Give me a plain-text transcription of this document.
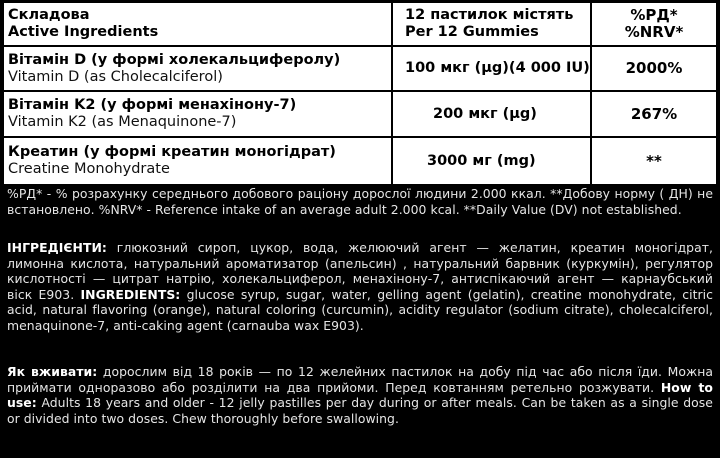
Складова
Active Ingredients
12 пастилок містять
Per 12 Gummies
%РД*
%NRV*
Вітамін D (у формі холекальциферолу)
Vitamin D (as Cholecalciferol)
100 мкг (µg)(4 000 IU) 2000%
Вітамін K2 (у формі менахінону-7)
Vitamin K2 (as Menaquinone-7)
200 мкг (µg)	267%
Креатин (у формі креатин моногідрат)
Creatine Monohydrate
3000 мг (mg)	**
%РД* - % розрахунку середнього добового раціону дорослої людини 2.000 ккал. **Добову норму ( ДН) не встановлено. %NRV* - Reference intake of an average adult 2.000 kcal. **Daily Value (DV) not established.
ІНГРЕДІЄНТИ: глюкозний сироп, цукор, вода, желюючий агент — желатин, креатин моногідрат, лимонна кислота, натуральний ароматизатор (апельсин) , натуральний барвник (куркумін), регулятор кислотності — цитрат натрію, холекальциферол, менахінону-7, антиспікаючий агент — карнаубський віск Е903. INGREDIENTS: glucose syrup, sugar, water, gelling agent (gelatin), creatine monohydrate, citric acid, natural flavoring (orange), natural coloring (curcumin), acidity regulator (sodium citrate), cholecalciferol, menaquinone-7, anti-caking agent (carnauba wax E903).
Як вживати: дорослим від 18 років — по 12 желейних пастилок на добу під час або після їди. Можна приймати одноразово або розділити на два прийоми. Перед ковтанням ретельно розжувати. How to use: Adults 18 years and older - 12 jelly pastilles per day during or after meals. Can be taken as a single dose or divided into two doses. Chew thoroughly before swallowing.
